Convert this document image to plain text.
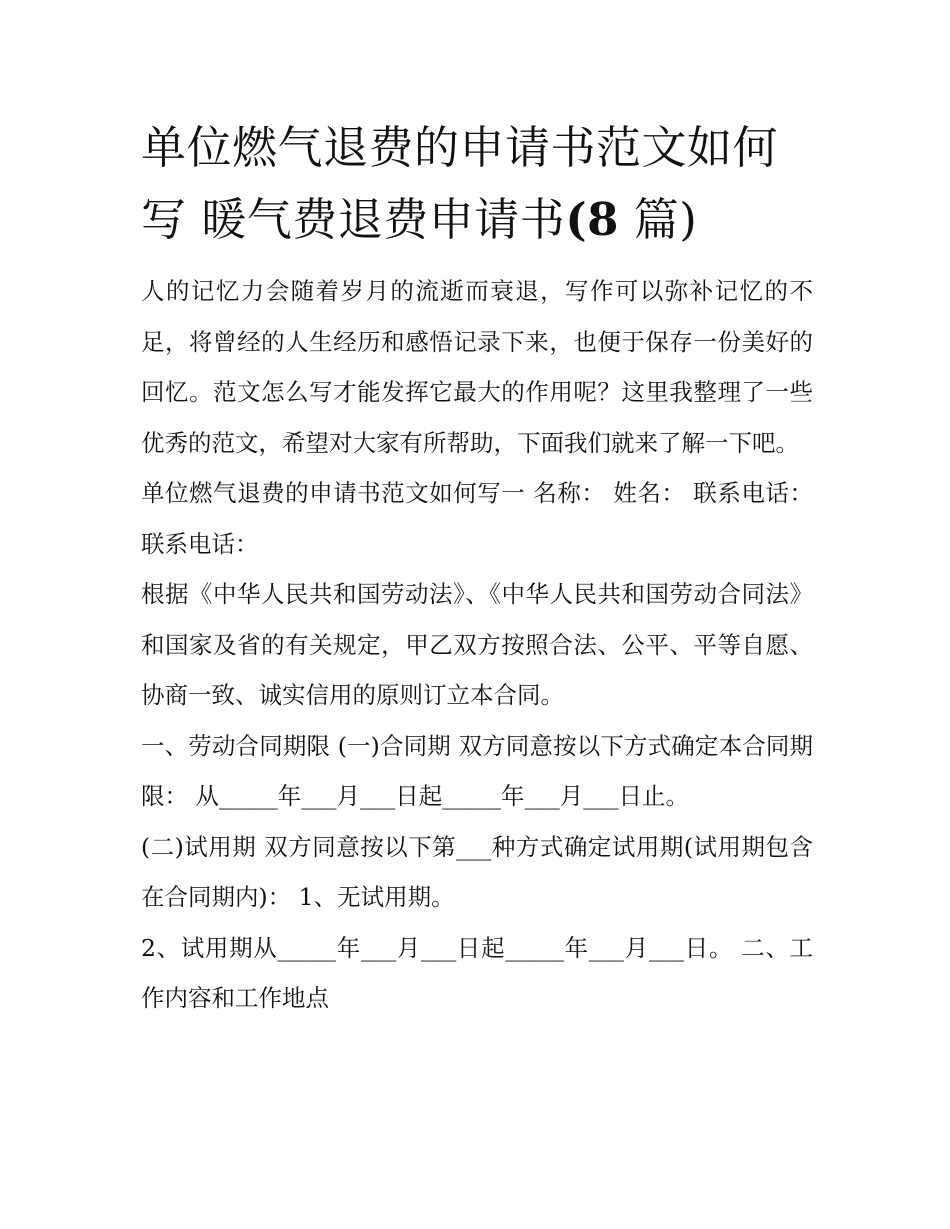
单位燃气退费的申请书范文如何写 暖气费退费申请书(8 篇)

人的记忆力会随着岁月的流逝而衰退，写作可以弥补记忆的不足，将曾经的人生经历和感悟记录下来，也便于保存一份美好的回忆。范文怎么写才能发挥它最大的作用呢？这里我整理了一些优秀的范文，希望对大家有所帮助，下面我们就来了解一下吧。

单位燃气退费的申请书范文如何写一 名称： 姓名： 联系电话： 联系电话：

根据《中华人民共和国劳动法》、《中华人民共和国劳动合同法》和国家及省的有关规定，甲乙双方按照合法、公平、平等自愿、协商一致、诚实信用的原则订立本合同。

一、劳动合同期限 (一)合同期 双方同意按以下方式确定本合同期限： 从_____年___月___日起_____年___月___日止。

(二)试用期 双方同意按以下第___种方式确定试用期(试用期包含在合同期内)： 1、无试用期。

2、试用期从_____年___月___日起_____年___月___日。 二、工作内容和工作地点
